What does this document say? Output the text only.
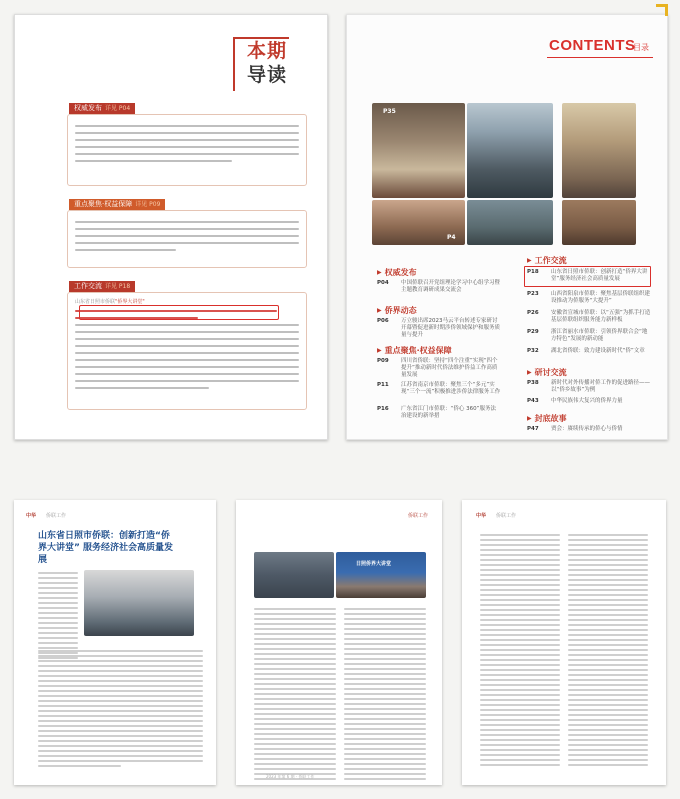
本 期
导 读
权威发布 详见 P04
重点聚焦·权益保障 详见 P09
工作交流 详见 P18
山东省日照市侨联"侨界大讲堂"
CONTENTS
目录
P35
P4
▶ 权威发布
P04	中国侨联召开党组理论学习中心组学习暨主题教育调研成果交流会
▶ 侨界动态
P06	万立骏出席2023马云平台转述专家研讨开幕暨促进新时期涉侨领域保护和服务质量与提升
▶ 重点聚焦·权益保障
P09	四川省侨联：坚持“四个注重”实现“四个提升”推动新时代侨法维护侨益工作高质量发展
P11	江苏省南京市侨联：聚焦三个“多元”实现“三个一流”积极推进涉侨法律服务工作
P16	广东省江门市侨联：“侨心 360”服务法治建设的新举措
▶ 工作交流
P18	山东省日照市侨联：创新打造“侨界大讲堂”服务经济社会高质量发展
P23	山西省阳泉市侨联：聚焦基层侨联组织建设推动为侨服务“大提升”
P26	安徽省宣城市侨联：以“五强”为抓手打造基层侨联组织服务能力新样板
P29	浙江省丽水市侨联：引领侨界联合会“地方特色”发展的新动能
P32	湖北省侨联：致力建设新时代“侨”文章
▶ 研讨交流
P38	新时代对外传播对侨工作的促进路径——以“侨乡故事”为例
P43	中华民族伟大复兴的侨界力量
▶ 封底故事
P47	贾会：赓续传承的侨心与侨情
中华 侨联工作
山东省日照市侨联：创新打造“侨界大讲堂” 服务经济社会高质量发展
侨联工作
日照侨界大讲堂
2023 年第 6 期 · 侨联工作
中华 侨联工作
